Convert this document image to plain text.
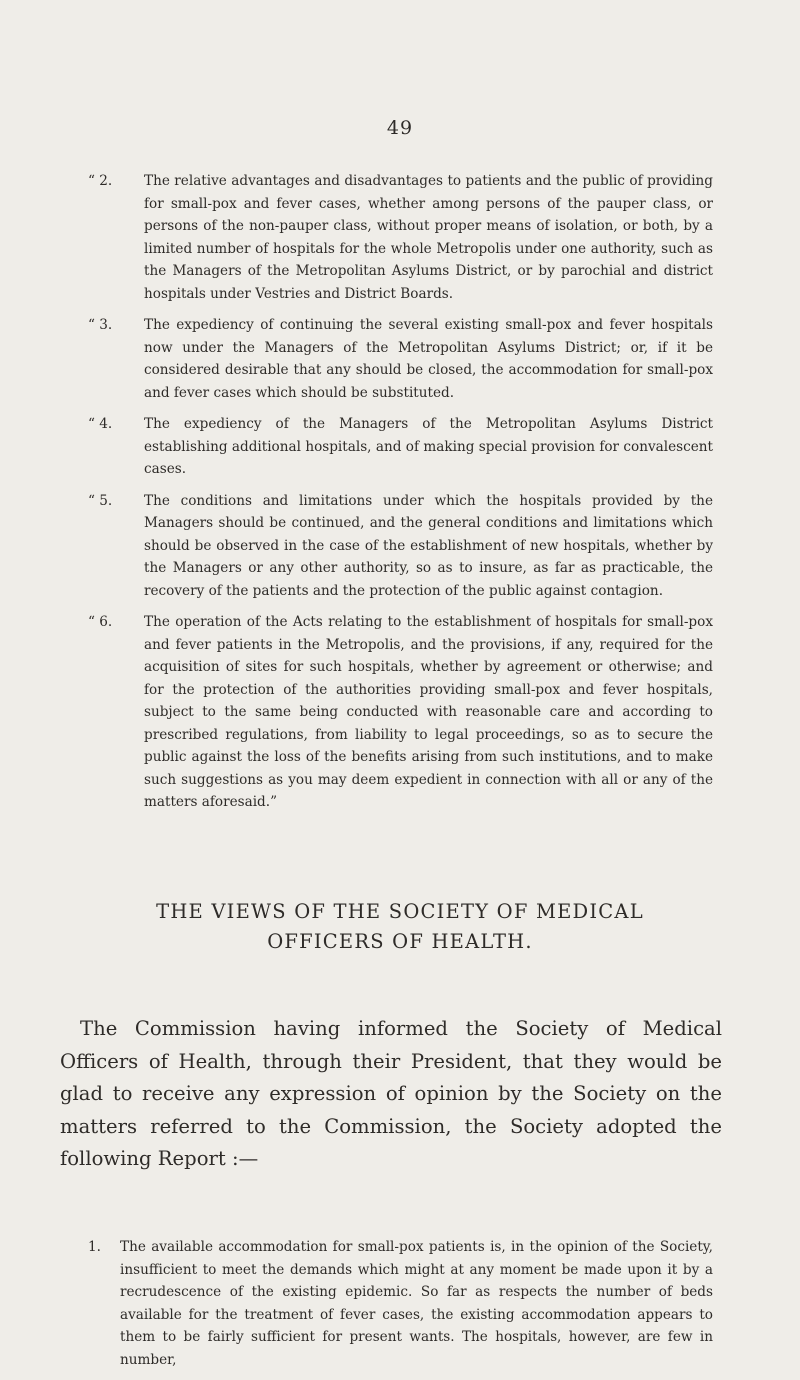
49
“ 2. The relative advantages and disadvantages to patients and the public of providing for small-pox and fever cases, whether among persons of the pauper class, or persons of the non-pauper class, without proper means of isolation, or both, by a limited number of hospitals for the whole Metropolis under one authority, such as the Managers of the Metropolitan Asylums District, or by parochial and district hospitals under Vestries and District Boards.
“ 3. The expediency of continuing the several existing small-pox and fever hospitals now under the Managers of the Metropolitan Asylums District; or, if it be considered desirable that any should be closed, the accommodation for small-pox and fever cases which should be substituted.
“ 4. The expediency of the Managers of the Metropolitan Asylums District establishing additional hospitals, and of making special provision for convalescent cases.
“ 5. The conditions and limitations under which the hospitals provided by the Managers should be continued, and the general conditions and limitations which should be observed in the case of the establishment of new hospitals, whether by the Managers or any other authority, so as to insure, as far as practicable, the recovery of the patients and the protection of the public against contagion.
“ 6. The operation of the Acts relating to the establishment of hospitals for small-pox and fever patients in the Metropolis, and the provisions, if any, required for the acquisition of sites for such hospitals, whether by agreement or otherwise; and for the protection of the authorities providing small-pox and fever hospitals, subject to the same being conducted with reasonable care and according to prescribed regulations, from liability to legal proceedings, so as to secure the public against the loss of the benefits arising from such institutions, and to make such suggestions as you may deem expedient in connection with all or any of the matters aforesaid.”
THE VIEWS OF THE SOCIETY OF MEDICAL
OFFICERS OF HEALTH.
The Commission having informed the Society of Medical Officers of Health, through their President, that they would be glad to receive any expression of opinion by the Society on the matters referred to the Commission, the Society adopted the following Report :—
1. The available accommodation for small-pox patients is, in the opinion of the Society, insufficient to meet the demands which might at any moment be made upon it by a recrudescence of the existing epidemic. So far as respects the number of beds available for the treatment of fever cases, the existing accommodation appears to them to be fairly sufficient for present wants. The hospitals, however, are few in number,
